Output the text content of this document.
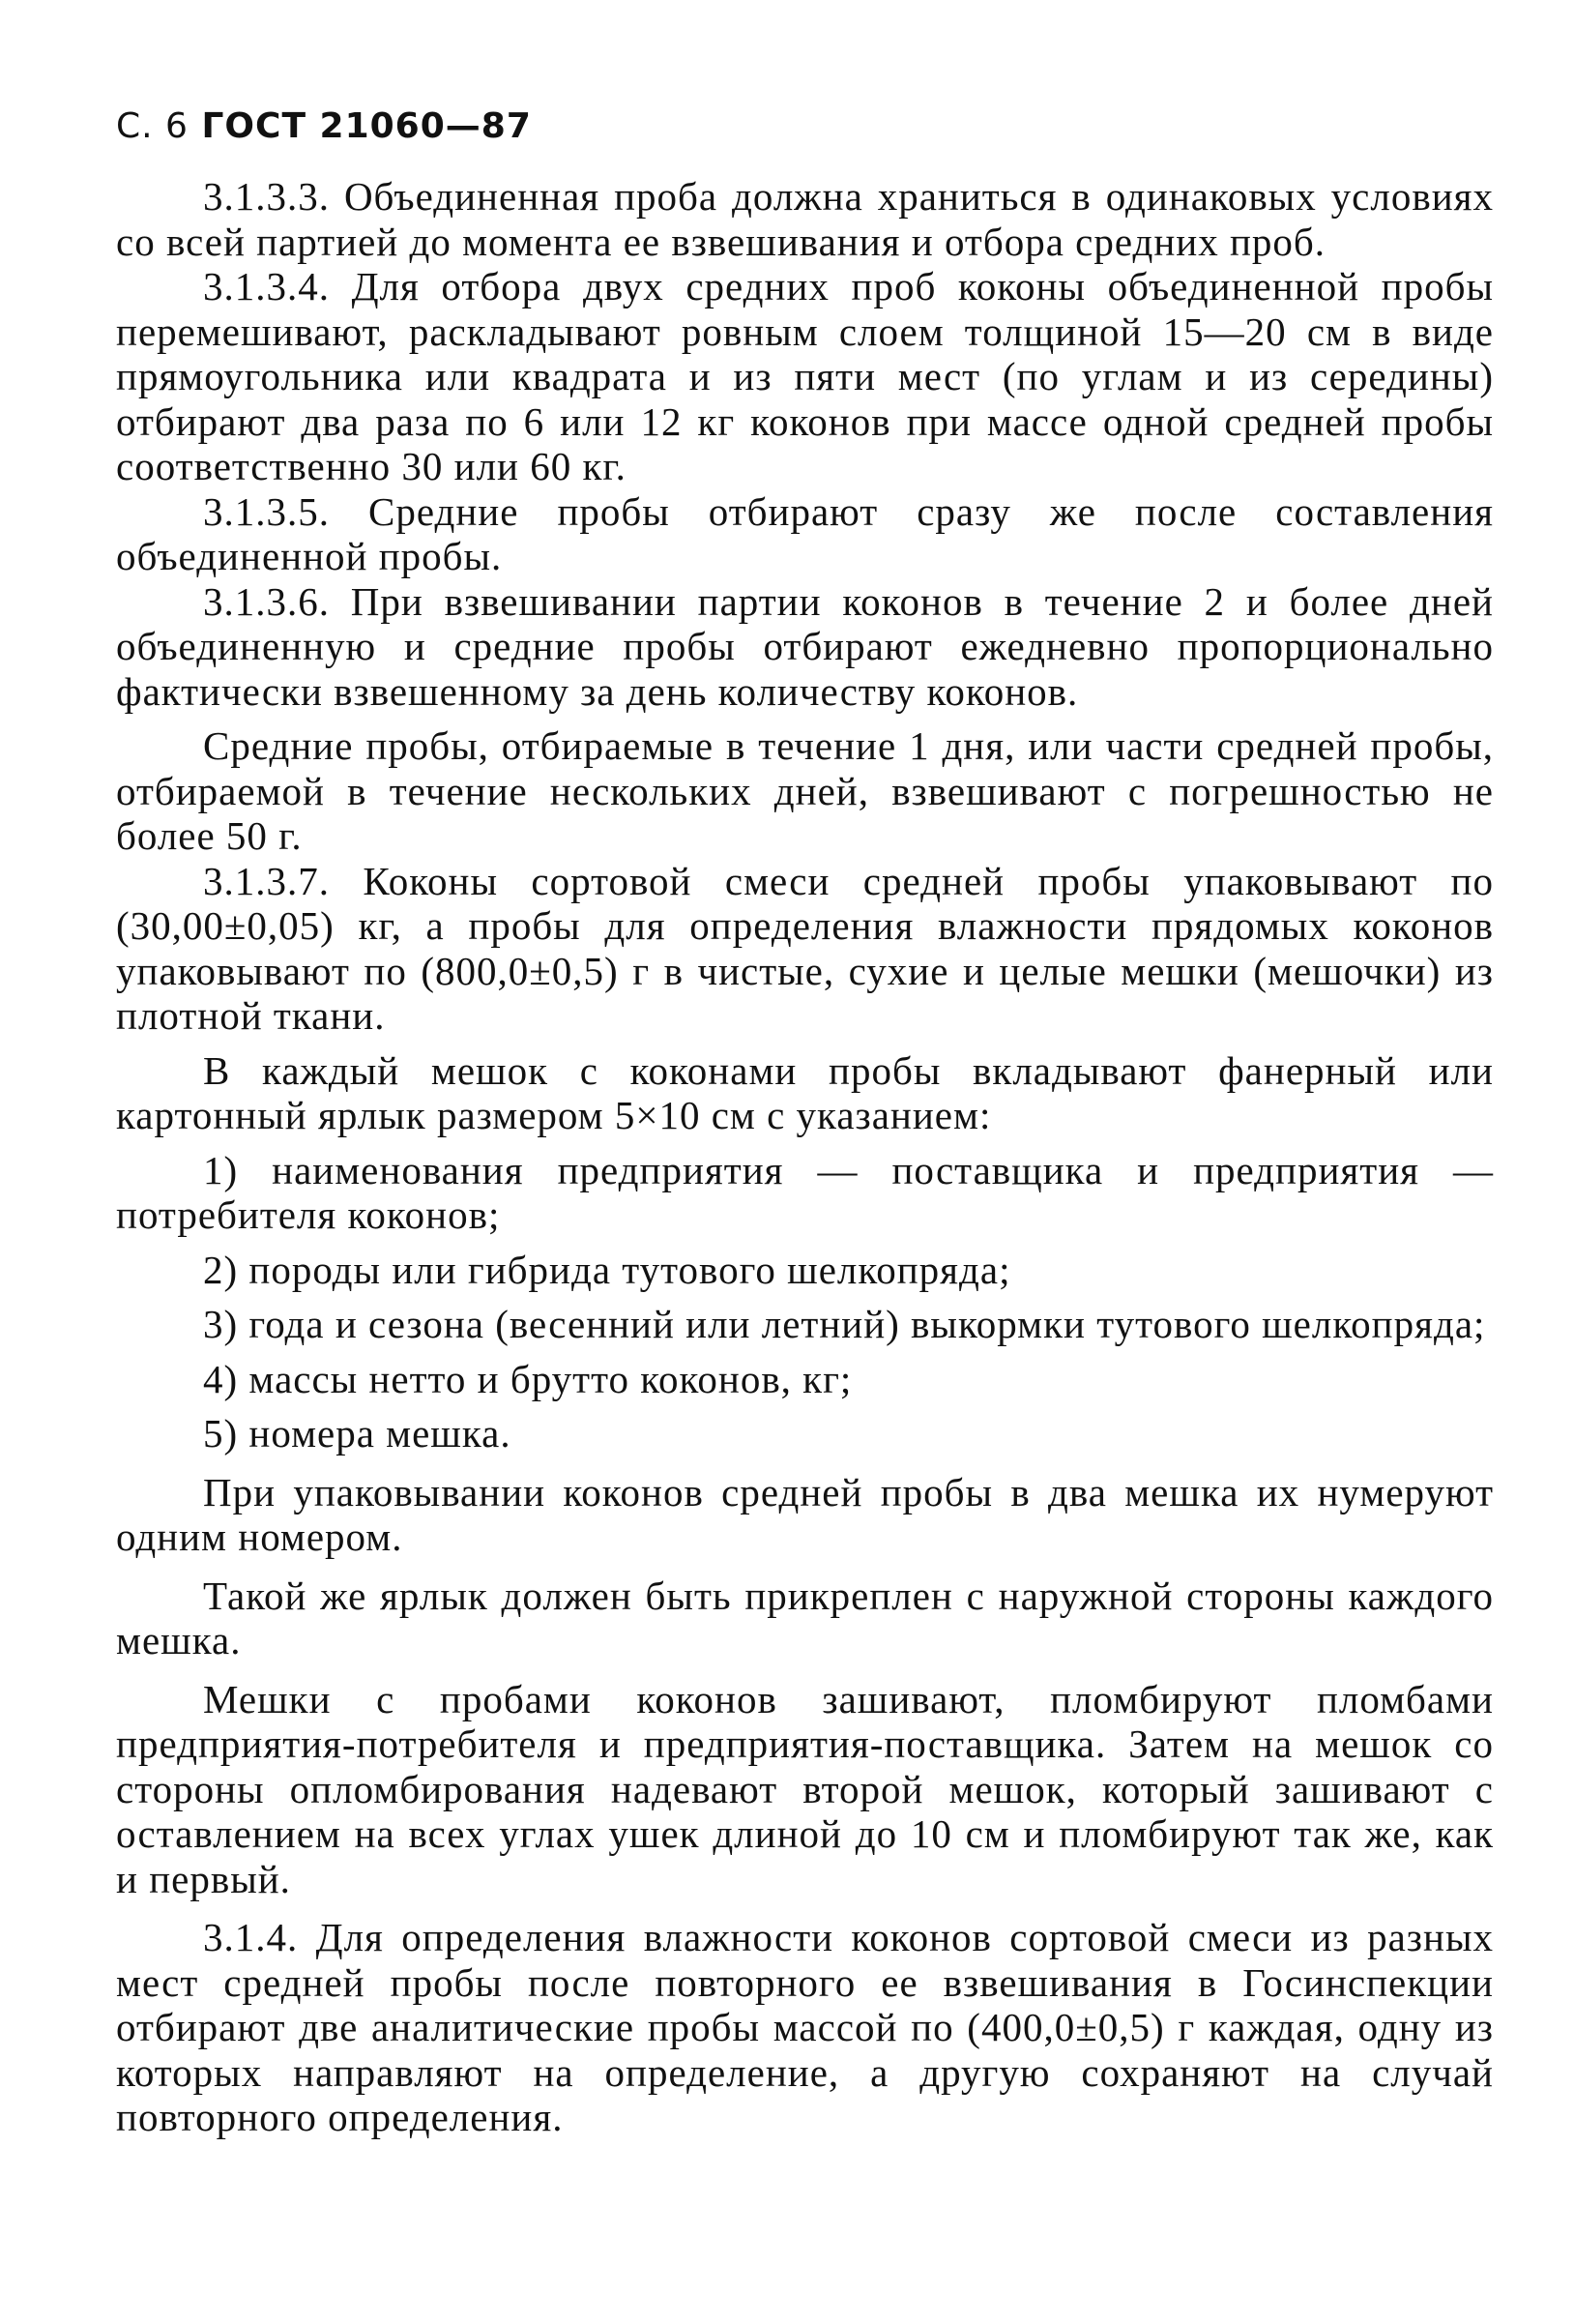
С. 6 ГОСТ 21060—87

3.1.3.3. Объединенная проба должна храниться в одинаковых условиях со всей партией до момента ее взвешивания и отбора средних проб.

3.1.3.4. Для отбора двух средних проб коконы объединенной пробы перемешивают, раскладывают ровным слоем толщиной 15—20 см в виде прямоугольника или квадрата и из пяти мест (по углам и из середины) отбирают два раза по 6 или 12 кг коконов при массе одной средней пробы соответственно 30 или 60 кг.

3.1.3.5. Средние пробы отбирают сразу же после составления объединенной пробы.

3.1.3.6. При взвешивании партии коконов в течение 2 и более дней объединенную и средние пробы отбирают ежедневно пропорционально фактически взвешенному за день количеству коконов.

Средние пробы, отбираемые в течение 1 дня, или части средней пробы, отбираемой в течение нескольких дней, взвешивают с погрешностью не более 50 г.

3.1.3.7. Коконы сортовой смеси средней пробы упаковывают по (30,00±0,05) кг, а пробы для определения влажности прядомых коконов упаковывают по (800,0±0,5) г в чистые, сухие и целые мешки (мешочки) из плотной ткани.

В каждый мешок с коконами пробы вкладывают фанерный или картонный ярлык размером 5×10 см с указанием:

1) наименования предприятия — поставщика и предприятия — потребителя коконов;

2) породы или гибрида тутового шелкопряда;

3) года и сезона (весенний или летний) выкормки тутового шелкопряда;

4) массы нетто и брутто коконов, кг;

5) номера мешка.

При упаковывании коконов средней пробы в два мешка их нумеруют одним номером.

Такой же ярлык должен быть прикреплен с наружной стороны каждого мешка.

Мешки с пробами коконов зашивают, пломбируют пломбами предприятия-потребителя и предприятия-поставщика. Затем на мешок со стороны опломбирования надевают второй мешок, который зашивают с оставлением на всех углах ушек длиной до 10 см и пломбируют так же, как и первый.

3.1.4. Для определения влажности коконов сортовой смеси из разных мест средней пробы после повторного ее взвешивания в Госинспекции отбирают две аналитические пробы массой по (400,0±0,5) г каждая, одну из которых направляют на определение, а другую сохраняют на случай повторного определения.
